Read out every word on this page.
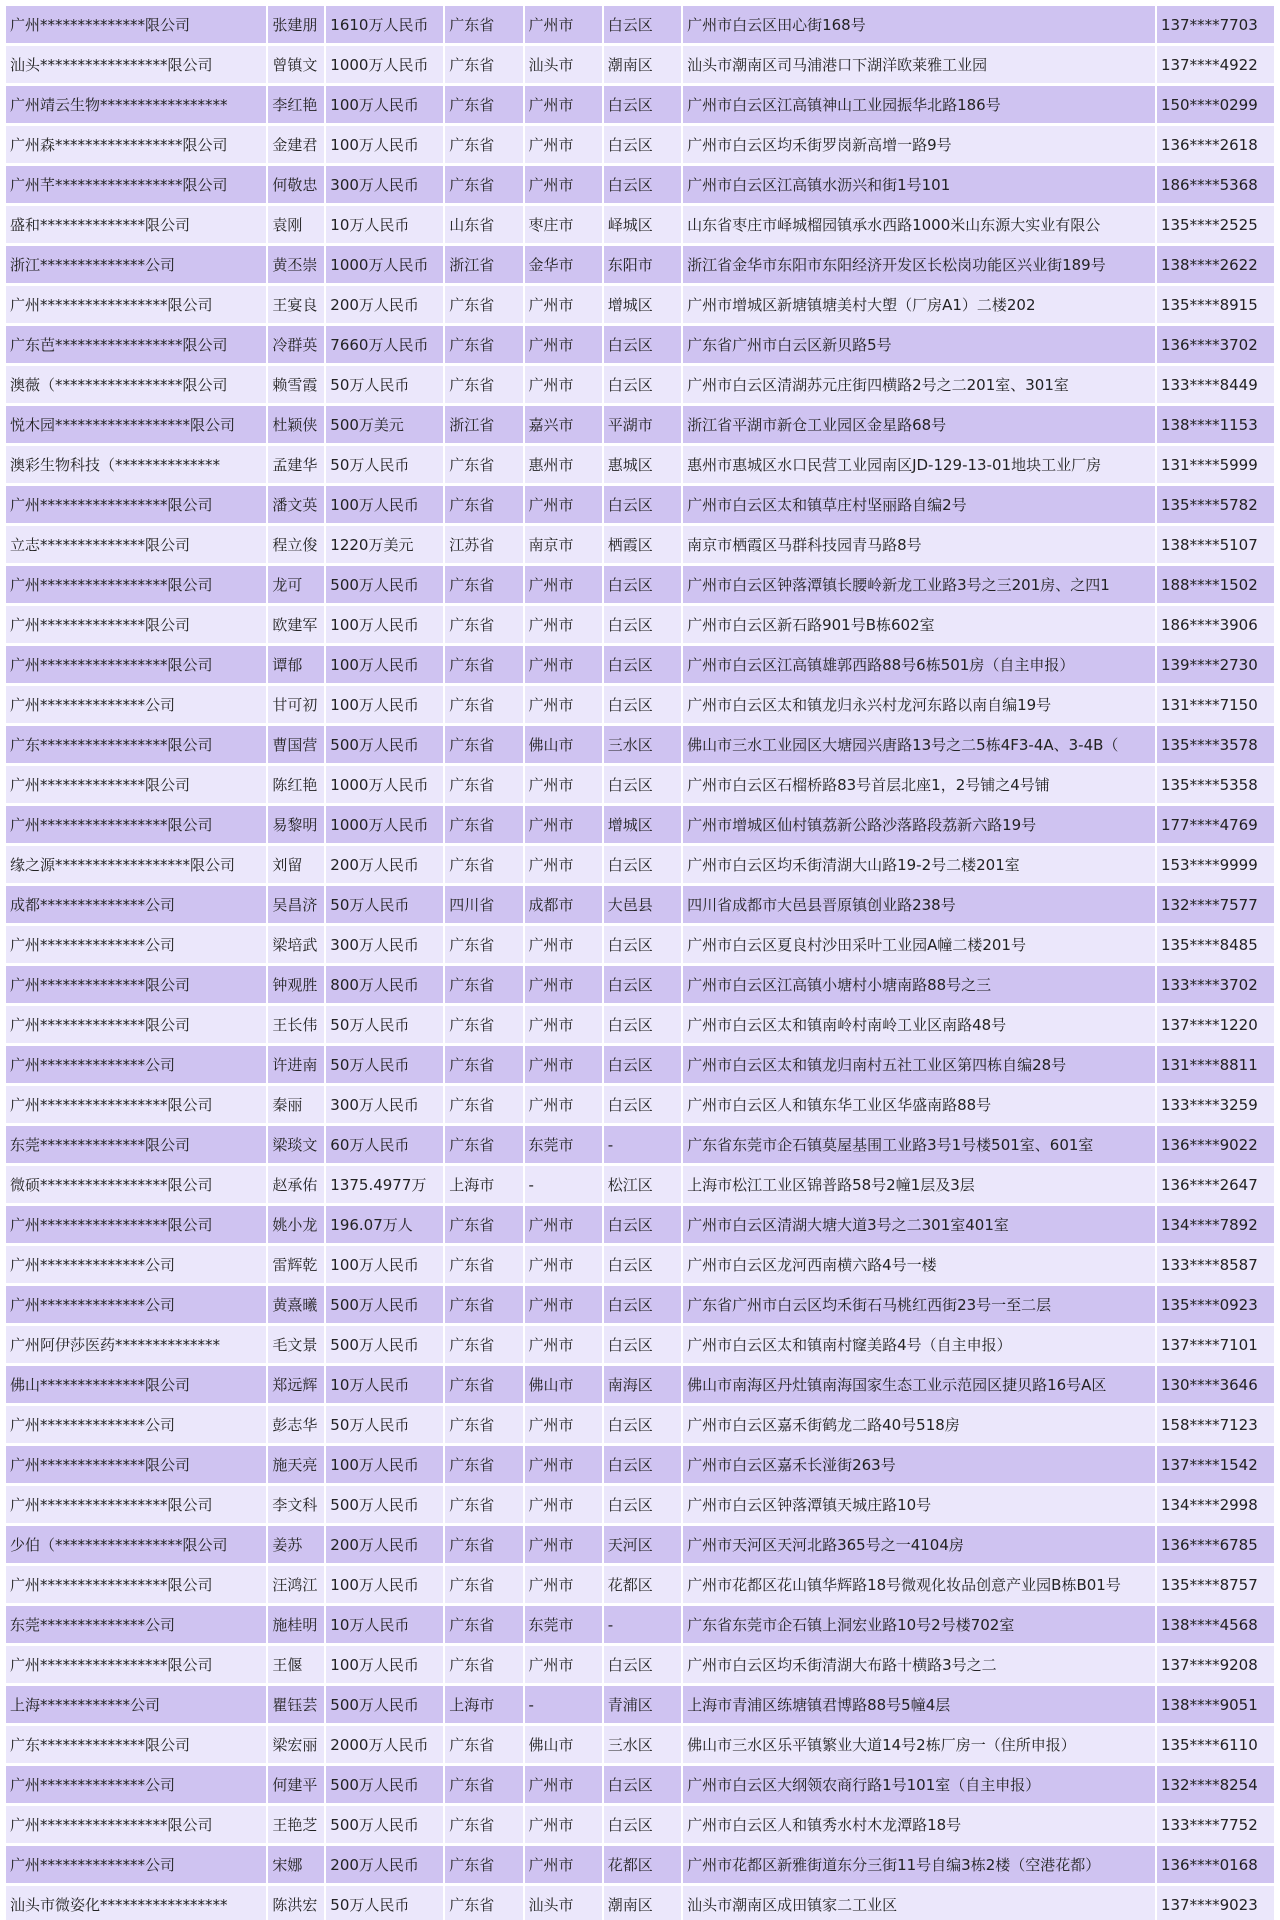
广州**************限公司	张建朋	1610万人民币	广东省	广州市	白云区	广州市白云区田心街168号	137****7703
汕头*****************限公司	曾镇文	1000万人民币	广东省	汕头市	潮南区	汕头市潮南区司马浦港口下湖洋欧莱雅工业园	137****4922
广州靖云生物*****************	李红艳	100万人民币	广东省	广州市	白云区	广州市白云区江高镇神山工业园振华北路186号	150****0299
广州森*****************限公司	金建君	100万人民币	广东省	广州市	白云区	广州市白云区均禾街罗岗新高增一路9号	136****2618
广州芊*****************限公司	何敬忠	300万人民币	广东省	广州市	白云区	广州市白云区江高镇水沥兴和街1号101	186****5368
盛和**************限公司	袁刚	10万人民币	山东省	枣庄市	峄城区	山东省枣庄市峄城榴园镇承水西路1000米山东源大实业有限公	135****2525
浙江**************公司	黄丕崇	1000万人民币	浙江省	金华市	东阳市	浙江省金华市东阳市东阳经济开发区长松岗功能区兴业街189号	138****2622
广州*****************限公司	王宴良	200万人民币	广东省	广州市	增城区	广州市增城区新塘镇塘美村大塱（厂房A1）二楼202	135****8915
广东芭*****************限公司	冷群英	7660万人民币	广东省	广州市	白云区	广东省广州市白云区新贝路5号	136****3702
澳薇（*****************限公司	赖雪霞	50万人民币	广东省	广州市	白云区	广州市白云区清湖苏元庄街四横路2号之二201室、301室	133****8449
悦木园******************限公司	杜颖侠	500万美元	浙江省	嘉兴市	平湖市	浙江省平湖市新仓工业园区金星路68号	138****1153
澳彩生物科技（**************	孟建华	50万人民币	广东省	惠州市	惠城区	惠州市惠城区水口民营工业园南区JD-129-13-01地块工业厂房	131****5999
广州*****************限公司	潘文英	100万人民币	广东省	广州市	白云区	广州市白云区太和镇草庄村坚丽路自编2号	135****5782
立志**************限公司	程立俊	1220万美元	江苏省	南京市	栖霞区	南京市栖霞区马群科技园青马路8号	138****5107
广州*****************限公司	龙可	500万人民币	广东省	广州市	白云区	广州市白云区钟落潭镇长腰岭新龙工业路3号之三201房、之四1	188****1502
广州**************限公司	欧建军	100万人民币	广东省	广州市	白云区	广州市白云区新石路901号B栋602室	186****3906
广州*****************限公司	谭郁	100万人民币	广东省	广州市	白云区	广州市白云区江高镇雄郭西路88号6栋501房（自主申报）	139****2730
广州**************公司	甘可初	100万人民币	广东省	广州市	白云区	广州市白云区太和镇龙归永兴村龙河东路以南自编19号	131****7150
广东*****************限公司	曹国营	500万人民币	广东省	佛山市	三水区	佛山市三水工业园区大塘园兴唐路13号之二5栋4F3-4A、3-4B（	135****3578
广州**************限公司	陈红艳	1000万人民币	广东省	广州市	白云区	广州市白云区石榴桥路83号首层北座1，2号铺之4号铺	135****5358
广州*****************限公司	易黎明	1000万人民币	广东省	广州市	增城区	广州市增城区仙村镇荔新公路沙落路段荔新六路19号	177****4769
缘之源******************限公司	刘留	200万人民币	广东省	广州市	白云区	广州市白云区均禾街清湖大山路19-2号二楼201室	153****9999
成都**************公司	吴昌济	50万人民币	四川省	成都市	大邑县	四川省成都市大邑县晋原镇创业路238号	132****7577
广州**************公司	梁培武	300万人民币	广东省	广州市	白云区	广州市白云区夏良村沙田采叶工业园A幢二楼201号	135****8485
广州**************限公司	钟观胜	800万人民币	广东省	广州市	白云区	广州市白云区江高镇小塘村小塘南路88号之三	133****3702
广州**************限公司	王长伟	50万人民币	广东省	广州市	白云区	广州市白云区太和镇南岭村南岭工业区南路48号	137****1220
广州**************公司	许进南	50万人民币	广东省	广州市	白云区	广州市白云区太和镇龙归南村五社工业区第四栋自编28号	131****8811
广州*****************限公司	秦丽	300万人民币	广东省	广州市	白云区	广州市白云区人和镇东华工业区华盛南路88号	133****3259
东莞**************限公司	梁琰文	60万人民币	广东省	东莞市	-	广东省东莞市企石镇莫屋基围工业路3号1号楼501室、601室	136****9022
微硕*****************限公司	赵承佑	1375.4977万	上海市	-	松江区	上海市松江工业区锦普路58号2幢1层及3层	136****2647
广州*****************限公司	姚小龙	196.07万人	广东省	广州市	白云区	广州市白云区清湖大塘大道3号之二301室401室	134****7892
广州**************公司	雷辉乾	100万人民币	广东省	广州市	白云区	广州市白云区龙河西南横六路4号一楼	133****8587
广州**************公司	黄熹曦	500万人民币	广东省	广州市	白云区	广东省广州市白云区均禾街石马桃红西街23号一至二层	135****0923
广州阿伊莎医药**************	毛文景	500万人民币	广东省	广州市	白云区	广州市白云区太和镇南村窿美路4号（自主申报）	137****7101
佛山**************限公司	郑远辉	10万人民币	广东省	佛山市	南海区	佛山市南海区丹灶镇南海国家生态工业示范园区捷贝路16号A区	130****3646
广州**************公司	彭志华	50万人民币	广东省	广州市	白云区	广州市白云区嘉禾街鹤龙二路40号518房	158****7123
广州**************限公司	施天亮	100万人民币	广东省	广州市	白云区	广州市白云区嘉禾长湴街263号	137****1542
广州*****************限公司	李文科	500万人民币	广东省	广州市	白云区	广州市白云区钟落潭镇天城庄路10号	134****2998
少伯（*****************限公司	姜苏	200万人民币	广东省	广州市	天河区	广州市天河区天河北路365号之一4104房	136****6785
广州*****************限公司	汪鸿江	100万人民币	广东省	广州市	花都区	广州市花都区花山镇华辉路18号微观化妆品创意产业园B栋B01号	135****8757
东莞**************公司	施桂明	10万人民币	广东省	东莞市	-	广东省东莞市企石镇上洞宏业路10号2号楼702室	138****4568
广州*****************限公司	王偃	100万人民币	广东省	广州市	白云区	广州市白云区均禾街清湖大布路十横路3号之二	137****9208
上海************公司	瞿钰芸	500万人民币	上海市	-	青浦区	上海市青浦区练塘镇君博路88号5幢4层	138****9051
广东**************限公司	梁宏丽	2000万人民币	广东省	佛山市	三水区	佛山市三水区乐平镇繁业大道14号2栋厂房一（住所申报）	135****6110
广州**************公司	何建平	500万人民币	广东省	广州市	白云区	广州市白云区大纲领农商行路1号101室（自主申报）	132****8254
广州*****************限公司	王艳芝	500万人民币	广东省	广州市	白云区	广州市白云区人和镇秀水村木龙潭路18号	133****7752
广州**************公司	宋娜	200万人民币	广东省	广州市	花都区	广州市花都区新雅街道东分三街11号自编3栋2楼（空港花都）	136****0168
汕头市微姿化*****************	陈洪宏	50万人民币	广东省	汕头市	潮南区	汕头市潮南区成田镇家二工业区	137****9023
